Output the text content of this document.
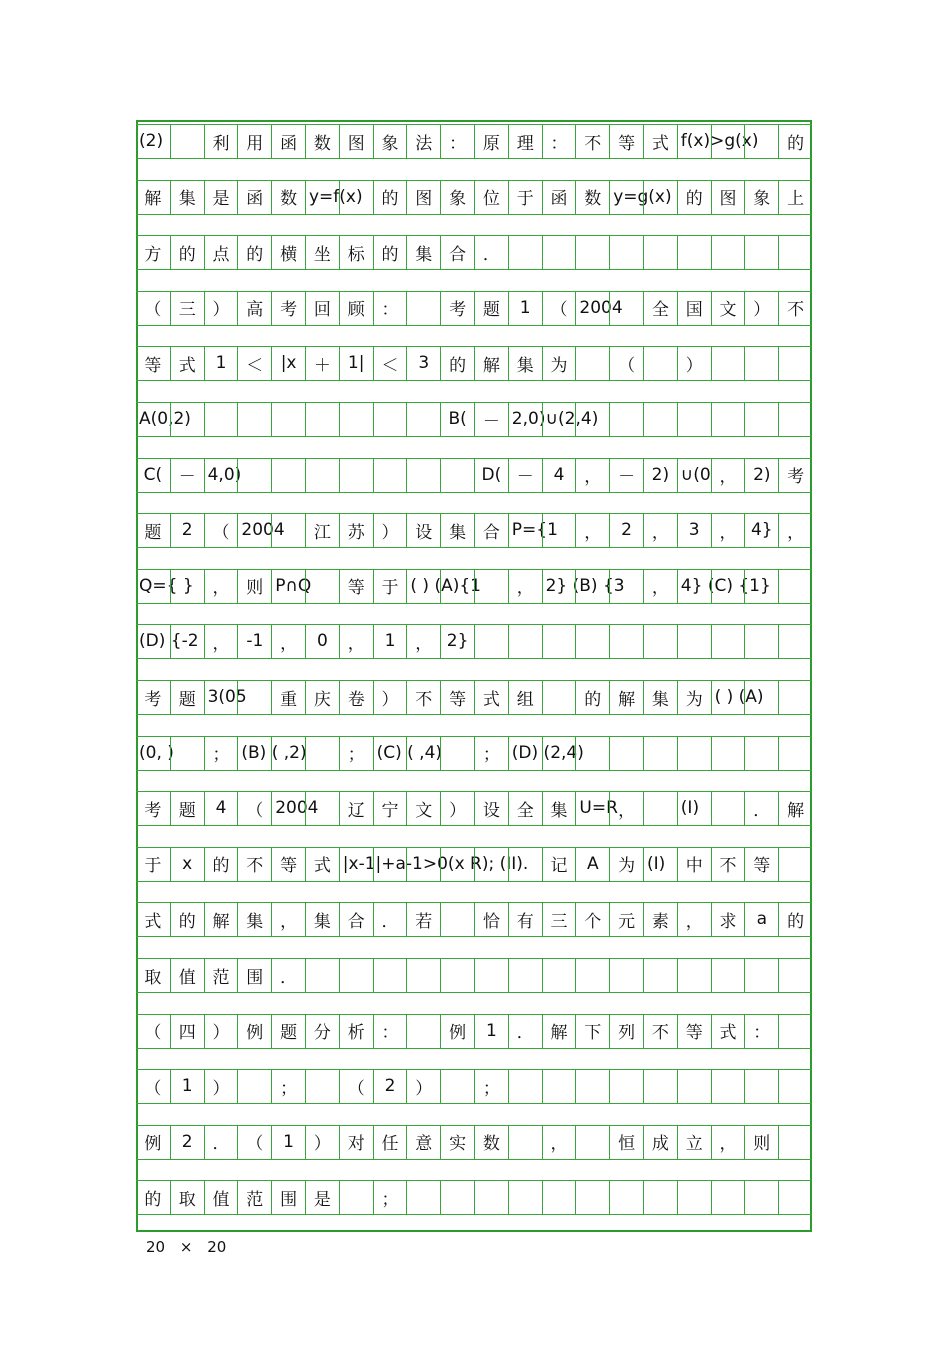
(2)	利 用 函 数 图 象 法 ： 原 理 ： 不 等 式 f(x)>g(x) 的
解 集 是 函 数 y=f(x) 的 图 象 位 于 函 数 y=g(x) 的 图 象 上
方 的 点 的 横 坐 标 的 集 合 ．
（ 三 ） 高 考 回 顾 ：	考 题 1 （ 2004 全 国 文 ） 不
等 式 1 ＜ |x ＋ 1| ＜ 3 的 解 集 为	（	）
A(0,2)	B( － 2,0) ∪(2,4)
C( － 4,0)	D( － 4 ， － 2) ∪(0 ， 2) 考
题 2 （ 2004 江 苏 ） 设 集 合 P={1 ， 2 ， 3 ， 4} ，
Q={ } ， 则 P∩Q 等 于 ( ) (A){1 ， 2} (B) {3 ， 4} (C) {1}
(D) {-2 ， -1 ， 0 ， 1 ， 2}
考 题 3(05 重 庆 卷 ） 不 等 式 组	的 解 集 为 ( ) (A)
(0, ) ； (B) ( ,2) ； (C) ( ,4) ； (D) (2,4)
考 题 4 （ 2004 辽 宁 文 ） 设 全 集 U=R ，	(I)	． 解
于 x 的 不 等 式 |x-1|+a-1>0(x R); (II). 记 A 为 (I) 中 不 等
式 的 解 集 ， 集 合 ． 若	恰 有 三 个 元 素 ， 求 a 的
取 值 范 围 ．
（ 四 ） 例 题 分 析 ：	例 1 ． 解 下 列 不 等 式 ：
（ 1 ）	；	（ 2 ）	；
例 2 ． （ 1 ） 对 任 意 实 数	，	恒 成 立 ， 则
的 取 值 范 围 是	；
20 × 20
